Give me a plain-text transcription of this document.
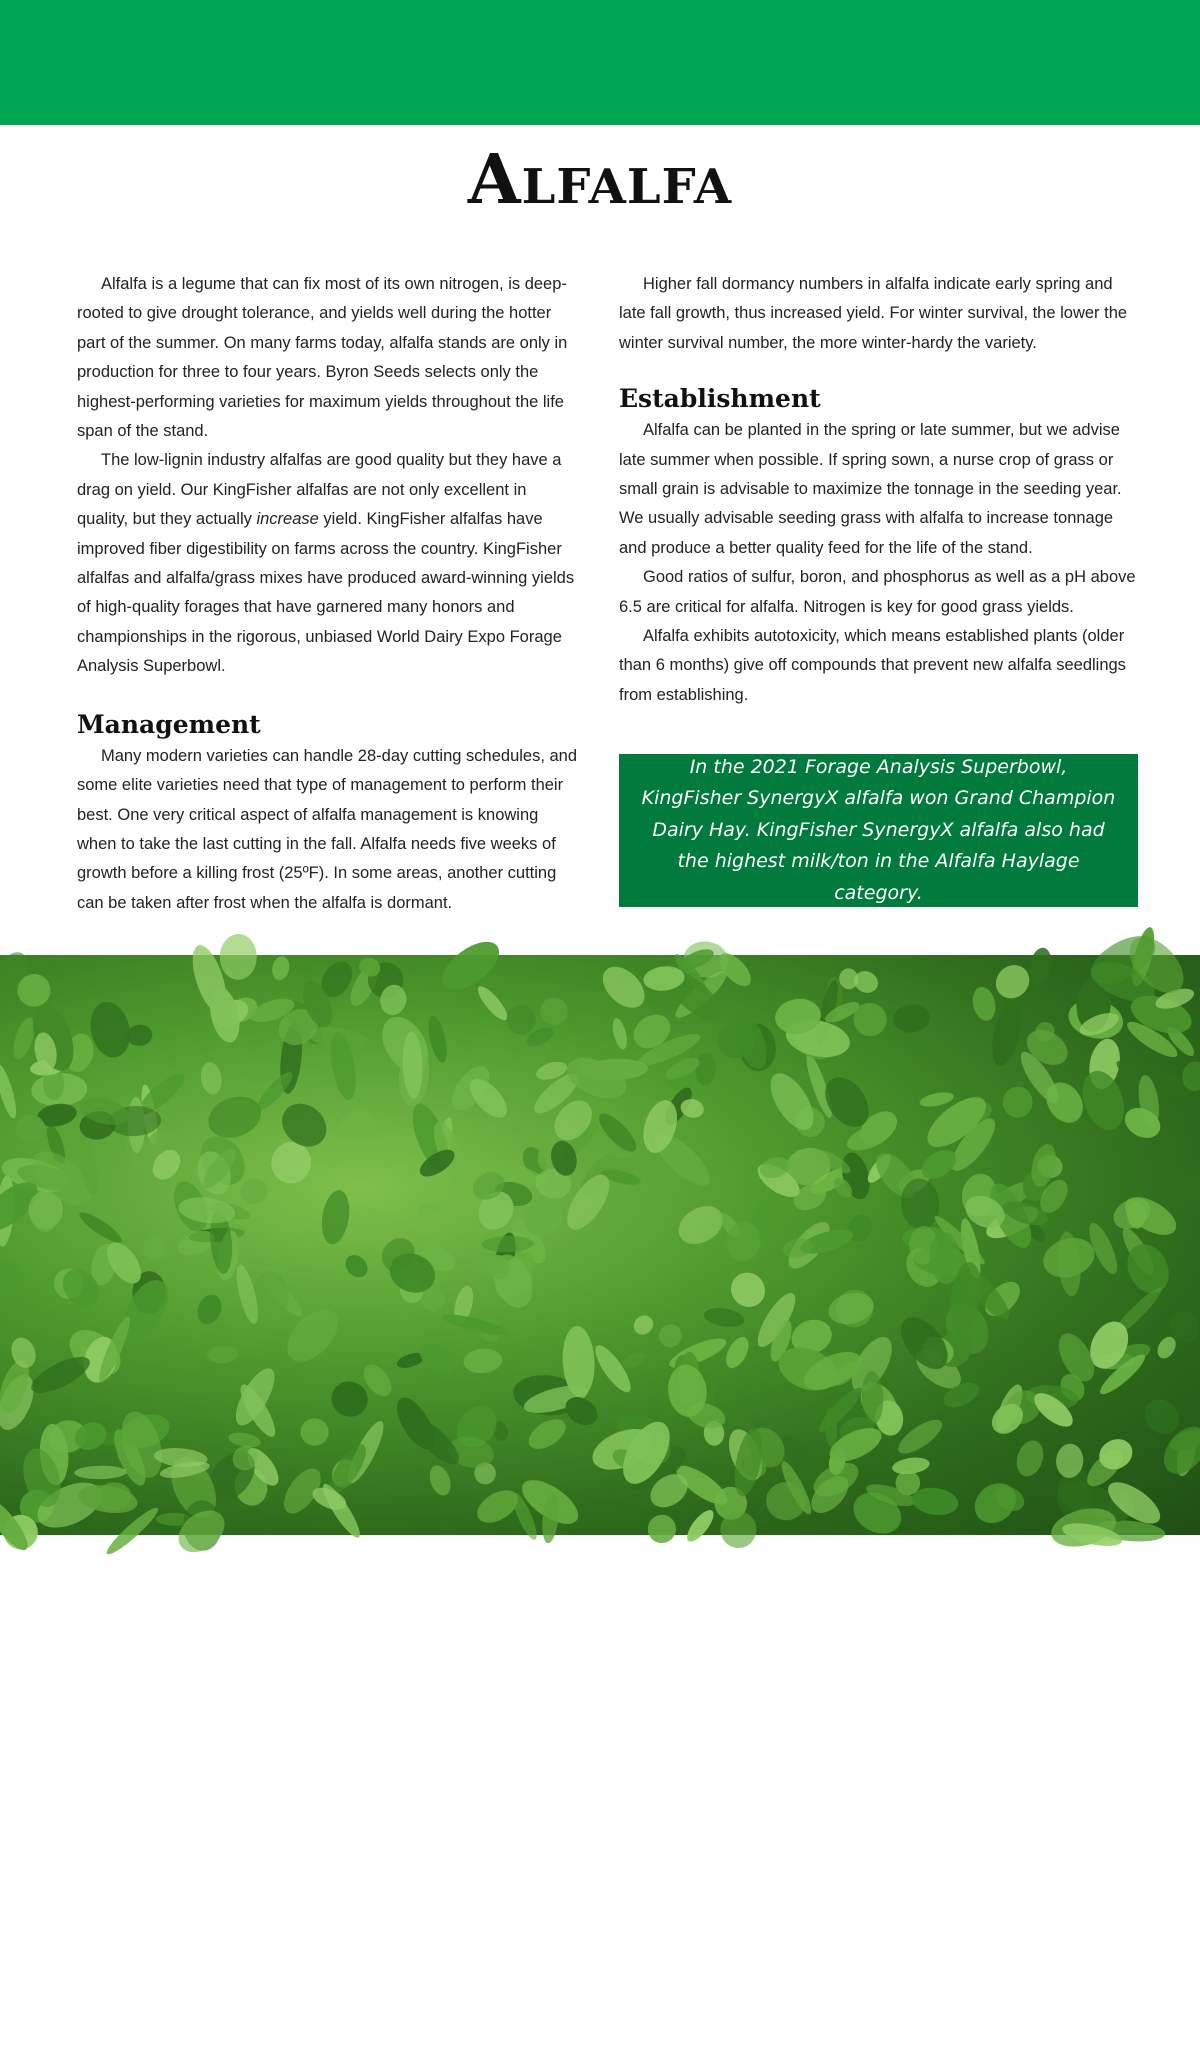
Alfalfa

Alfalfa is a legume that can fix most of its own nitrogen, is deep-rooted to give drought tolerance, and yields well during the hotter part of the summer. On many farms today, alfalfa stands are only in production for three to four years. Byron Seeds selects only the highest-performing varieties for maximum yields throughout the life span of the stand.

The low-lignin industry alfalfas are good quality but they have a drag on yield. Our KingFisher alfalfas are not only excellent in quality, but they actually increase yield. KingFisher alfalfas have improved fiber digestibility on farms across the country. KingFisher alfalfas and alfalfa/grass mixes have produced award-winning yields of high-quality forages that have garnered many honors and championships in the rigorous, unbiased World Dairy Expo Forage Analysis Superbowl.

Management

Many modern varieties can handle 28-day cutting schedules, and some elite varieties need that type of management to perform their best. One very critical aspect of alfalfa management is knowing when to take the last cutting in the fall. Alfalfa needs five weeks of growth before a killing frost (25ºF). In some areas, another cutting can be taken after frost when the alfalfa is dormant.

Higher fall dormancy numbers in alfalfa indicate early spring and late fall growth, thus increased yield. For winter survival, the lower the winter survival number, the more winter-hardy the variety.

Establishment

Alfalfa can be planted in the spring or late summer, but we advise late summer when possible. If spring sown, a nurse crop of grass or small grain is advisable to maximize the tonnage in the seeding year. We usually advisable seeding grass with alfalfa to increase tonnage and produce a better quality feed for the life of the stand.

Good ratios of sulfur, boron, and phosphorus as well as a pH above 6.5 are critical for alfalfa. Nitrogen is key for good grass yields.

Alfalfa exhibits autotoxicity, which means established plants (older than 6 months) give off compounds that prevent new alfalfa seedlings from establishing.

In the 2021 Forage Analysis Superbowl, KingFisher SynergyX alfalfa won Grand Champion Dairy Hay. KingFisher SynergyX alfalfa also had the highest milk/ton in the Alfalfa Haylage category.
6
